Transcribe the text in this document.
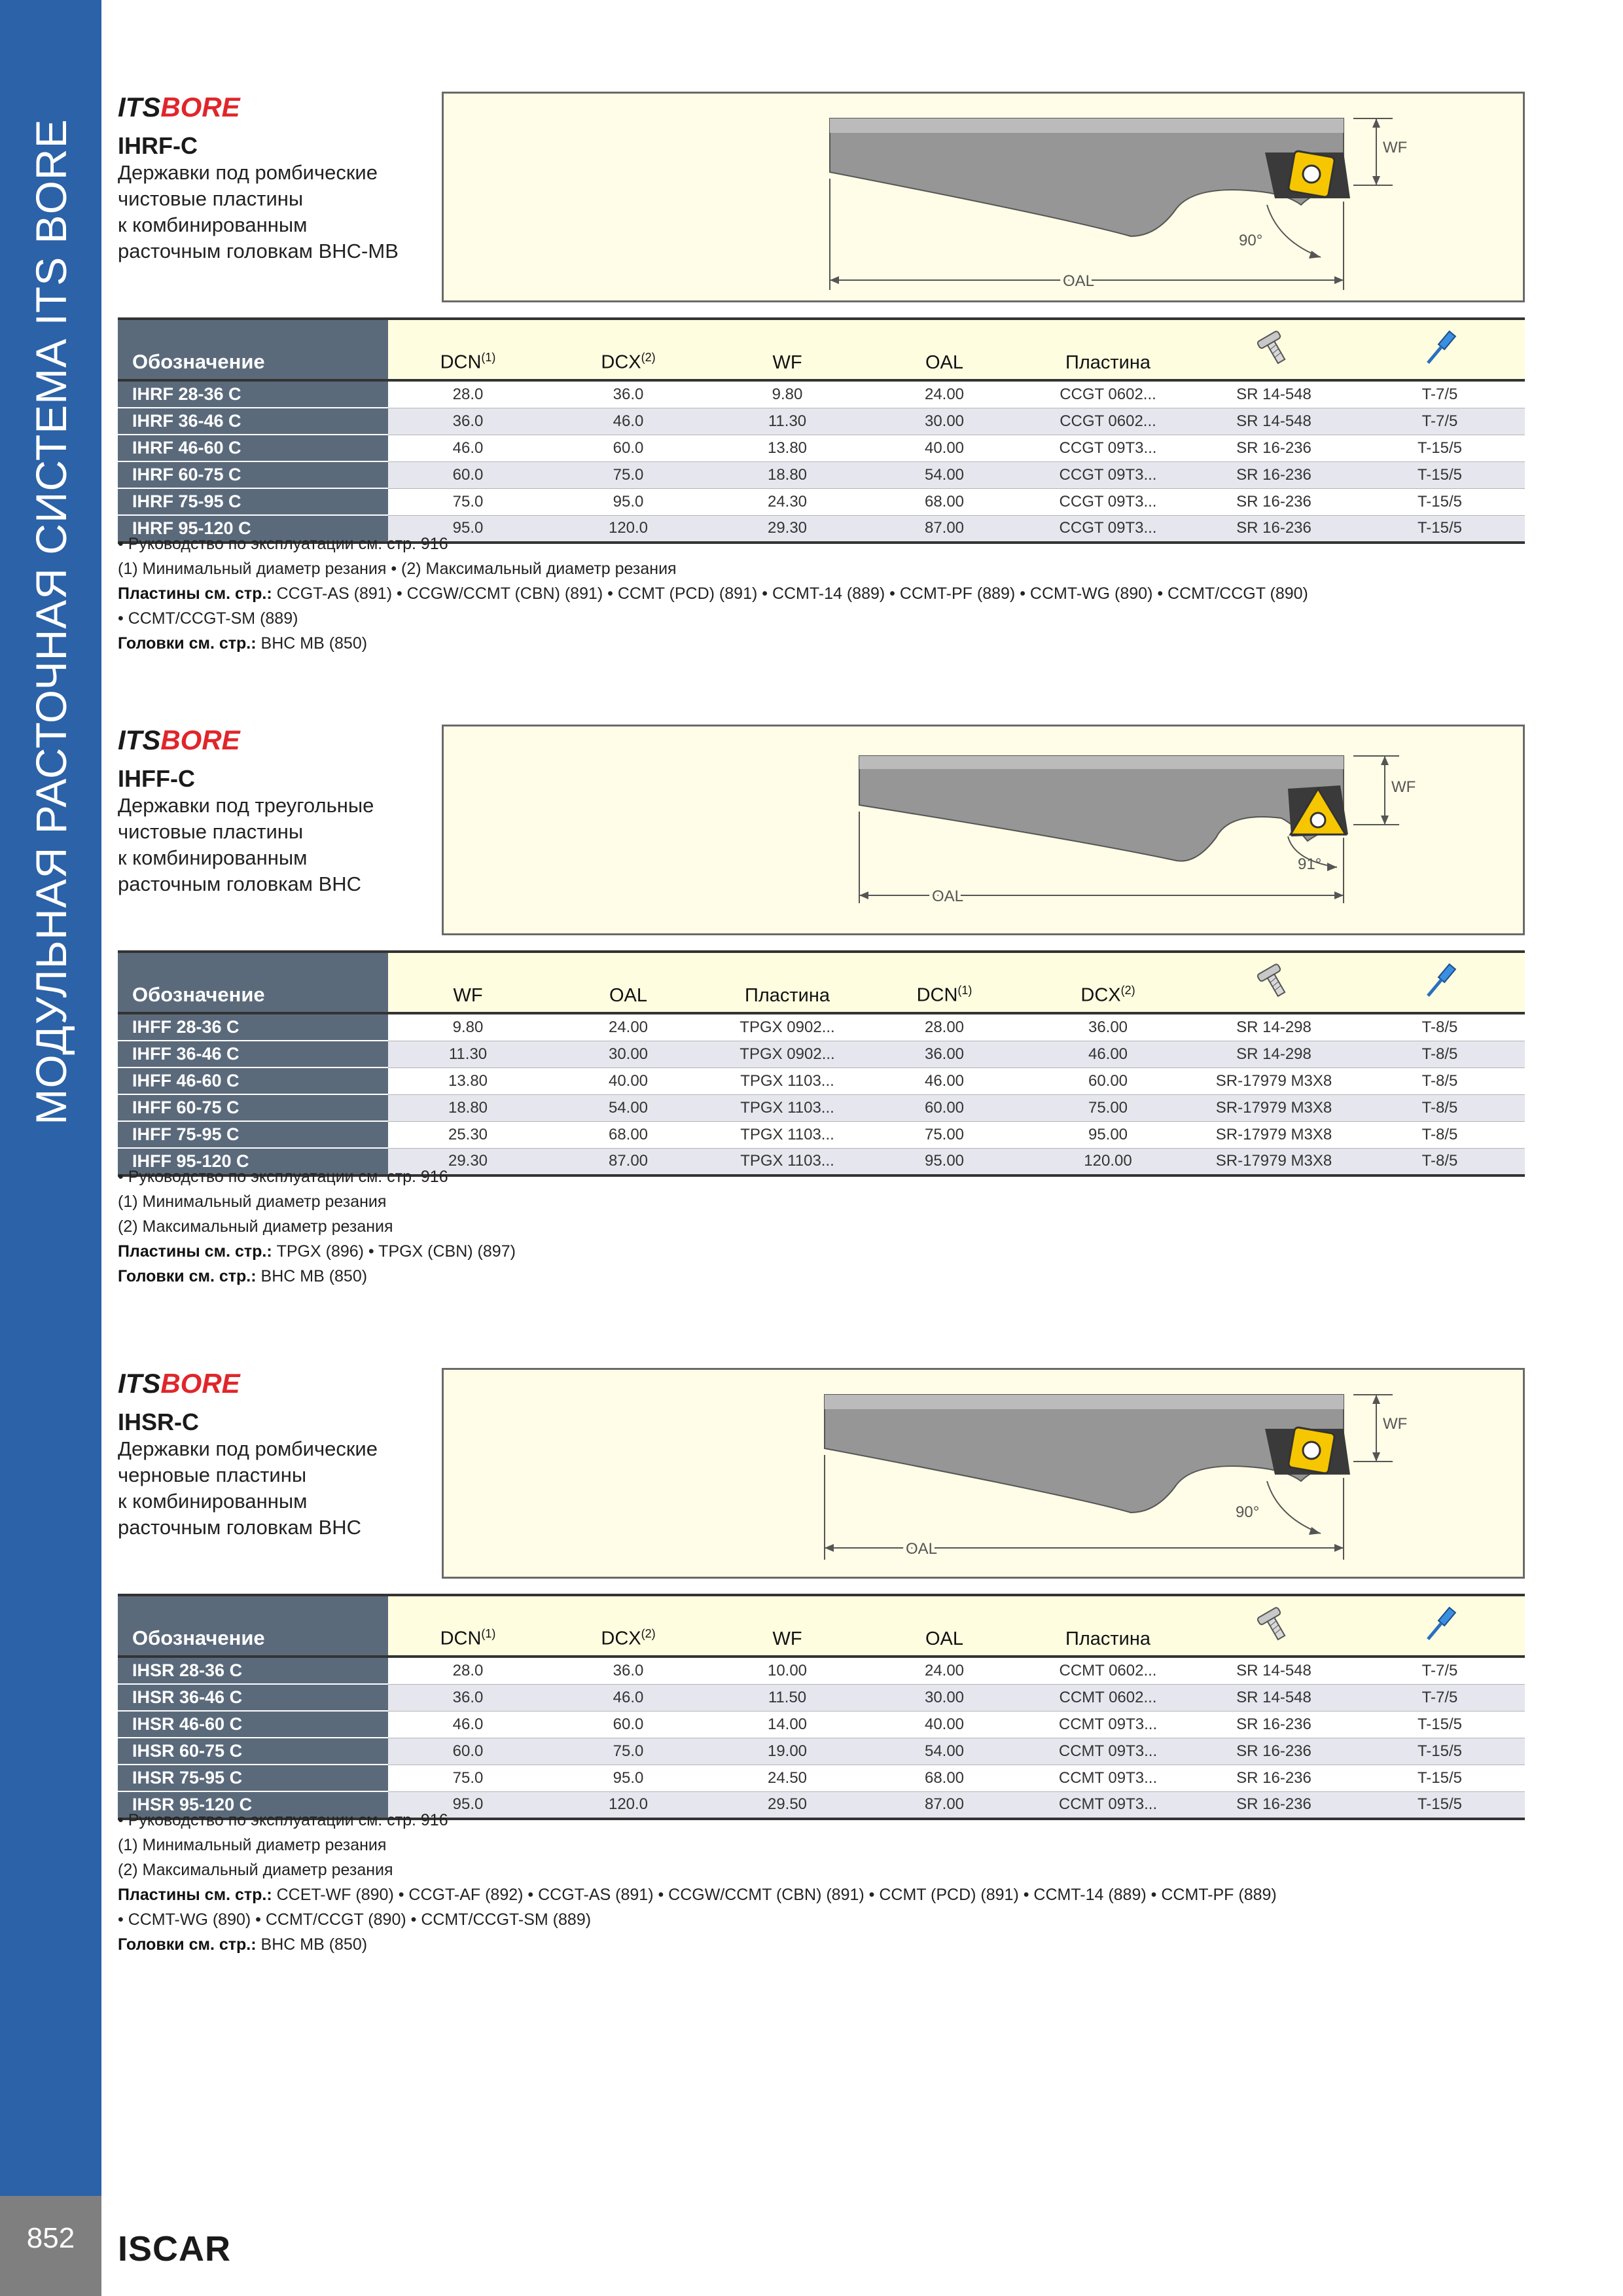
МОДУЛЬНАЯ РАСТОЧНАЯ СИСТЕМА ITS BORE
852	ISCAR
ITSBORE
IHRF-C
Державки под ромбические
чистовые пластины
к комбинированным
расточным головкам BHC-MB
WF
OAL
90°
Обозначение	DCN$^{(1)}$	DCX$^{(2)}$	WF	OAL	Пластина		
IHRF 28-36 C	28.0	36.0	9.80	24.00	CCGT 0602...	SR 14-548	T-7/5
IHRF 36-46 C	36.0	46.0	11.30	30.00	CCGT 0602...	SR 14-548	T-7/5
IHRF 46-60 C	46.0	60.0	13.80	40.00	CCGT 09T3...	SR 16-236	T-15/5
IHRF 60-75 C	60.0	75.0	18.80	54.00	CCGT 09T3...	SR 16-236	T-15/5
IHRF 75-95 C	75.0	95.0	24.30	68.00	CCGT 09T3...	SR 16-236	T-15/5
IHRF 95-120 C	95.0	120.0	29.30	87.00	CCGT 09T3...	SR 16-236	T-15/5
• Руководство по эксплуатации см. стр. 916
(1) Минимальный диаметр резания • (2) Максимальный диаметр резания
Пластины см. стр.: CCGT-AS (891) • CCGW/CCMT (CBN) (891) • CCMT (PCD) (891) • CCMT-14 (889) • CCMT-PF (889) • CCMT-WG (890) • CCMT/CCGT (890)
• CCMT/CCGT-SM (889)
Головки см. стр.: BHC MB (850)
ITSBORE
IHFF-C
Державки под треугольные
чистовые пластины
к комбинированным
расточным головкам BHC
WF
OAL
91°
Обозначение	WF	OAL	Пластина	DCN$^{(1)}$	DCX$^{(2)}$		
IHFF 28-36 C	9.80	24.00	TPGX 0902...	28.00	36.00	SR 14-298	T-8/5
IHFF 36-46 C	11.30	30.00	TPGX 0902...	36.00	46.00	SR 14-298	T-8/5
IHFF 46-60 C	13.80	40.00	TPGX 1103...	46.00	60.00	SR-17979 M3X8	T-8/5
IHFF 60-75 C	18.80	54.00	TPGX 1103...	60.00	75.00	SR-17979 M3X8	T-8/5
IHFF 75-95 C	25.30	68.00	TPGX 1103...	75.00	95.00	SR-17979 M3X8	T-8/5
IHFF 95-120 C	29.30	87.00	TPGX 1103...	95.00	120.00	SR-17979 M3X8	T-8/5
• Руководство по эксплуатации см. стр. 916
(1) Минимальный диаметр резания
(2) Максимальный диаметр резания
Пластины см. стр.: TPGX (896) • TPGX (CBN) (897)
Головки см. стр.: BHC MB (850)
ITSBORE
IHSR-C
Державки под ромбические
черновые пластины
к комбинированным
расточным головкам BHC
WF
OAL
90°
Обозначение	DCN$^{(1)}$	DCX$^{(2)}$	WF	OAL	Пластина		
IHSR 28-36 C	28.0	36.0	10.00	24.00	CCMT 0602...	SR 14-548	T-7/5
IHSR 36-46 C	36.0	46.0	11.50	30.00	CCMT 0602...	SR 14-548	T-7/5
IHSR 46-60 C	46.0	60.0	14.00	40.00	CCMT 09T3...	SR 16-236	T-15/5
IHSR 60-75 C	60.0	75.0	19.00	54.00	CCMT 09T3...	SR 16-236	T-15/5
IHSR 75-95 C	75.0	95.0	24.50	68.00	CCMT 09T3...	SR 16-236	T-15/5
IHSR 95-120 C	95.0	120.0	29.50	87.00	CCMT 09T3...	SR 16-236	T-15/5
• Руководство по эксплуатации см. стр. 916
(1) Минимальный диаметр резания
(2) Максимальный диаметр резания
Пластины см. стр.: CCET-WF (890) • CCGT-AF (892) • CCGT-AS (891) • CCGW/CCMT (CBN) (891) • CCMT (PCD) (891) • CCMT-14 (889) • CCMT-PF (889)
• CCMT-WG (890) • CCMT/CCGT (890) • CCMT/CCGT-SM (889)
Головки см. стр.: BHC MB (850)
